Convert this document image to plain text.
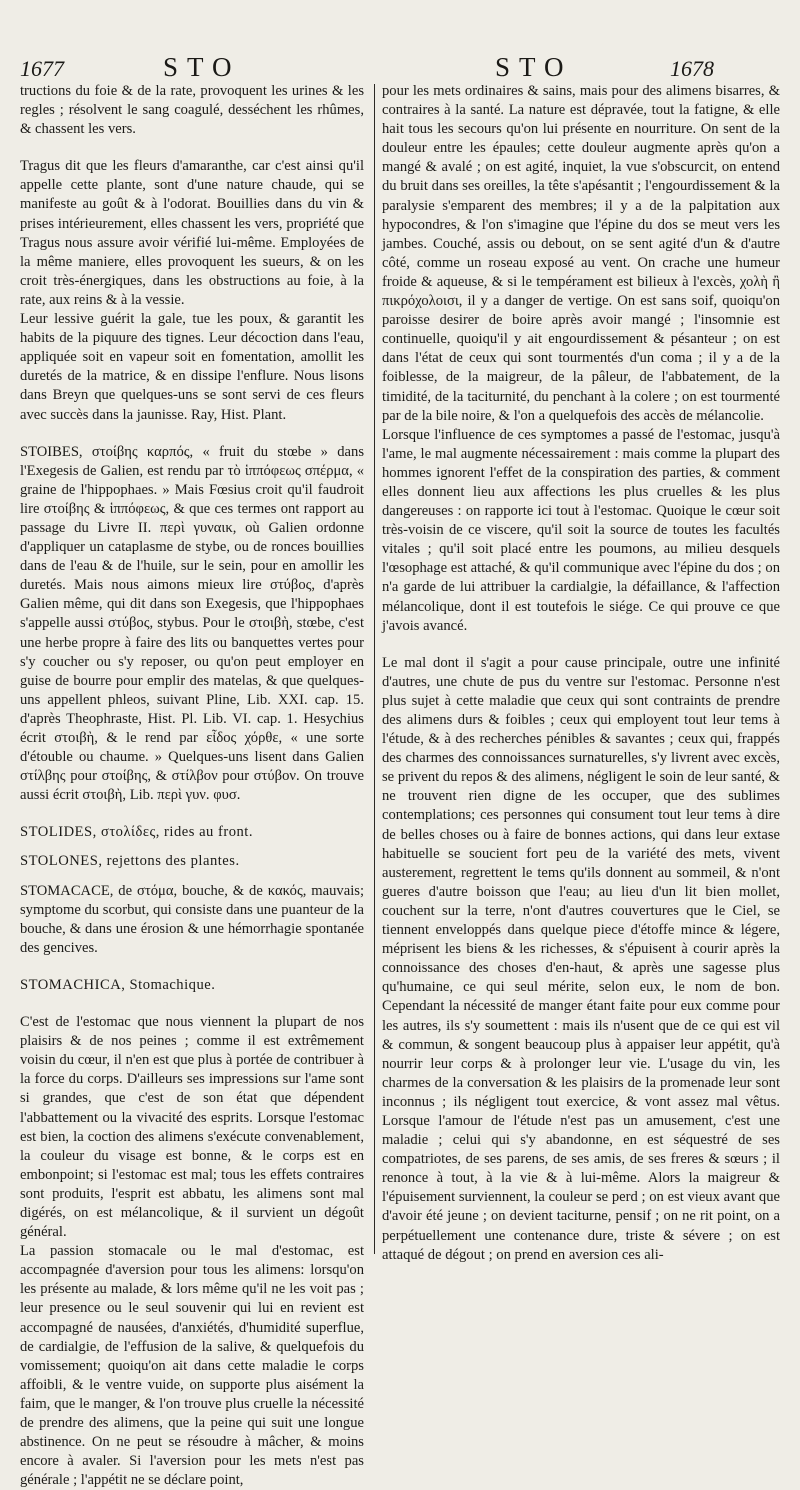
1677	STO	STO	1678

tructions du foie & de la rate, provoquent les urines & les regles ; résolvent le sang coagulé, desséchent les rhûmes, & chassent les vers.

Tragus dit que les fleurs d'amaranthe, car c'est ainsi qu'il appelle cette plante, sont d'une nature chaude, qui se manifeste au goût & à l'odorat. Bouillies dans du vin & prises intérieurement, elles chassent les vers, propriété que Tragus nous assure avoir vérifié lui-même. Employées de la même maniere, elles provoquent les sueurs, & on les croit très-énergiques, dans les obstructions au foie, à la rate, aux reins & à la vessie.

Leur lessive guérit la gale, tue les poux, & garantit les habits de la piquure des tignes. Leur décoction dans l'eau, appliquée soit en vapeur soit en fomentation, amollit les duretés de la matrice, & en dissipe l'enflure. Nous lisons dans Breyn que quelques-uns se sont servi de ces fleurs avec succès dans la jaunisse. Ray, Hist. Plant.

STOIBES, στοίβης καρπός, « fruit du stœbe » dans l'Exegesis de Galien, est rendu par τὸ ἱππόφεως σπέρμα, « graine de l'hippophaes. » Mais Fœsius croit qu'il faudroit lire στοίβης & ἱππόφεως, & que ces termes ont rapport au passage du Livre II. περὶ γυναικ, où Galien ordonne d'appliquer un cataplasme de stybe, ou de ronces bouillies dans de l'eau & de l'huile, sur le sein, pour en amollir les duretés. Mais nous aimons mieux lire στύβος, d'après Galien même, qui dit dans son Exegesis, que l'hippophaes s'appelle aussi στύβος, stybus. Pour le στοιβὴ, stœbe, c'est une herbe propre à faire des lits ou banquettes vertes pour s'y coucher ou s'y reposer, ou qu'on peut employer en guise de bourre pour emplir des matelas, & que quelques-uns appellent phleos, suivant Pline, Lib. XXI. cap. 15. d'après Theophraste, Hist. Pl. Lib. VI. cap. 1. Hesychius écrit στοιβὴ, & le rend par εἶδος χόρθε, « une sorte d'étouble ou chaume. » Quelques-uns lisent dans Galien στίλβης pour στοίβης, & στίλβον pour στύβον. On trouve aussi écrit στοιβὴ, Lib. περὶ γυν. φυσ.

STOLIDES, στολίδες, rides au front.

STOLONES, rejettons des plantes.

STOMACACE, de στόμα, bouche, & de κακός, mauvais; symptome du scorbut, qui consiste dans une puanteur de la bouche, & dans une érosion & une hémorrhagie spontanée des gencives.

STOMACHICA, Stomachique.

C'est de l'estomac que nous viennent la plupart de nos plaisirs & de nos peines ; comme il est extrêmement voisin du cœur, il n'en est que plus à portée de contribuer à la force du corps. D'ailleurs ses impressions sur l'ame sont si grandes, que c'est de son état que dépendent l'abbattement ou la vivacité des esprits. Lorsque l'estomac est bien, la coction des alimens s'exécute convenablement, la couleur du visage est bonne, & le corps est en embonpoint; si l'estomac est mal; tous les effets contraires sont produits, l'esprit est abbatu, les alimens sont mal digérés, on est mélancolique, & il survient un dégoût général.

La passion stomacale ou le mal d'estomac, est accompagnée d'aversion pour tous les alimens: lorsqu'on les présente au malade, & lors même qu'il ne les voit pas ; leur presence ou le seul souvenir qui lui en revient est accompagné de nausées, d'anxiétés, d'humidité superflue, de cardialgie, de l'effusion de la salive, & quelquefois du vomissement; quoiqu'on ait dans cette maladie le corps affoibli, & le ventre vuide, on supporte plus aisément la faim, que le manger, & l'on trouve plus cruelle la nécessité de prendre des alimens, que la peine qui suit une longue abstinence. On ne peut se résoudre à mâcher, & moins encore à avaler. Si l'aversion pour les mets n'est pas générale ; l'appétit ne se déclare point,

pour les mets ordinaires & sains, mais pour des alimens bisarres, & contraires à la santé. La nature est dépravée, tout la fatigne, & elle hait tous les secours qu'on lui présente en nourriture. On sent de la douleur entre les épaules; cette douleur augmente après qu'on a mangé & avalé ; on est agité, inquiet, la vue s'obscurcit, on entend du bruit dans ses oreilles, la tête s'apésantit ; l'engourdissement & la paralysie s'emparent des membres; il y a de la palpitation aux hypocondres, & l'on s'imagine que l'épine du dos se meut vers les jambes. Couché, assis ou debout, on se sent agité d'un & d'autre côté, comme un roseau exposé au vent. On crache une humeur froide & aqueuse, & si le tempérament est bilieux à l'excès, χολὴ ἢ πικρόχολοισι, il y a danger de vertige. On est sans soif, quoiqu'on paroisse desirer de boire après avoir mangé ; l'insomnie est continuelle, quoiqu'il y ait engourdissement & pésanteur ; on est dans l'état de ceux qui sont tourmentés d'un coma ; il y a de la foiblesse, de la maigreur, de la pâleur, de l'abbatement, de la timidité, de la taciturnité, du penchant à la colere ; on est tourmenté par de la bile noire, & l'on a quelquefois des accès de mélancolie.

Lorsque l'influence de ces symptomes a passé de l'estomac, jusqu'à l'ame, le mal augmente nécessairement : mais comme la plupart des hommes ignorent l'effet de la conspiration des parties, & comment elles donnent lieu aux affections les plus cruelles & les plus dangereuses : on rapporte ici tout à l'estomac. Quoique le cœur soit très-voisin de ce viscere, qu'il soit la source de toutes les facultés vitales ; qu'il soit placé entre les poumons, au milieu desquels l'œsophage est attaché, & qu'il communique avec l'épine du dos ; on n'a garde de lui attribuer la cardialgie, la défaillance, & l'affection mélancolique, dont il est toutefois le siége. Ce qui prouve ce que j'avois avancé.

Le mal dont il s'agit a pour cause principale, outre une infinité d'autres, une chute de pus du ventre sur l'estomac. Personne n'est plus sujet à cette maladie que ceux qui sont contraints de prendre des alimens durs & foibles ; ceux qui employent tout leur tems à l'étude, & à des recherches pénibles & savantes ; ceux qui, frappés des charmes des connoissances surnaturelles, s'y livrent avec excès, se privent du repos & des alimens, négligent le soin de leur santé, & ne trouvent rien digne de les occuper, que des sublimes contemplations; ces personnes qui consument tout leur tems à dire de belles choses ou à faire de bonnes actions, qui dans leur extase habituelle se soucient fort peu de la variété des mets, vivent austerement, regrettent le tems qu'ils donnent au sommeil, & n'ont gueres d'autre boisson que l'eau; au lieu d'un lit bien mollet, couchent sur la terre, n'ont d'autres couvertures que le Ciel, se tiennent enveloppés dans quelque piece d'étoffe mince & légere, méprisent les biens & les richesses, & s'épuisent à courir après la connoissance des choses d'en-haut, & après une sagesse plus qu'humaine, ce qui seul mérite, selon eux, le nom de bon. Cependant la nécessité de manger étant faite pour eux comme pour les autres, ils s'y soumettent : mais ils n'usent que de ce qui est vil & commun, & songent beaucoup plus à appaiser leur appétit, qu'à nourrir leur corps & à prolonger leur vie. L'usage du vin, les charmes de la conversation & les plaisirs de la promenade leur sont inconnus ; ils négligent tout exercice, & vont assez mal vêtus. Lorsque l'amour de l'étude n'est pas un amusement, c'est une maladie ; celui qui s'y abandonne, en est séquestré de ses compatriotes, de ses parens, de ses amis, de ses freres & sœurs ; il renonce à tout, à la vie & à lui-même. Alors la maigreur & l'épuisement surviennent, la couleur se perd ; on est vieux avant que d'avoir été jeune ; on devient taciturne, pensif ; on ne rit point, on a perpétuellement une contenance dure, triste & sévere ; on est attaqué de dégout ; on prend en aversion ces ali-
